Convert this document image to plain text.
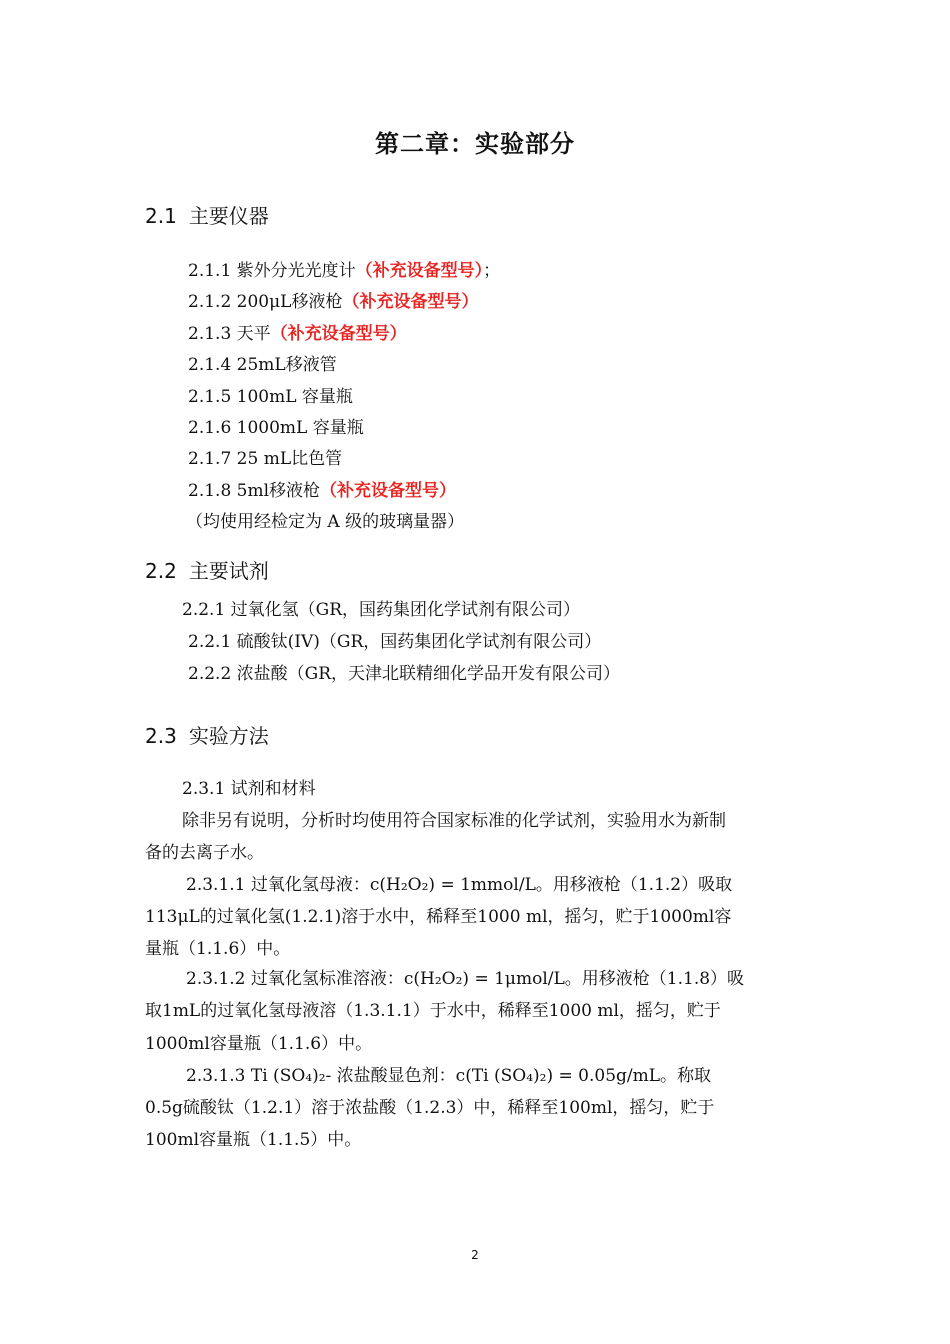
第二章：实验部分
2.1 主要仪器
2.1.1 紫外分光光度计（补充设备型号）；
2.1.2 200μL移液枪（补充设备型号）
2.1.3 天平（补充设备型号）
2.1.4 25mL移液管
2.1.5 100mL 容量瓶
2.1.6 1000mL 容量瓶
2.1.7 25 mL比色管
2.1.8 5ml移液枪（补充设备型号）
（均使用经检定为 A 级的玻璃量器）
2.2 主要试剂
2.2.1 过氧化氢（GR，国药集团化学试剂有限公司）
2.2.1 硫酸钛(IV)（GR，国药集团化学试剂有限公司）
2.2.2 浓盐酸（GR，天津北联精细化学品开发有限公司）
2.3 实验方法
2.3.1 试剂和材料
除非另有说明，分析时均使用符合国家标准的化学试剂，实验用水为新制
备的去离子水。
2.3.1.1 过氧化氢母液：c(H₂O₂) = 1mmol/L。用移液枪（1.1.2）吸取
113μL的过氧化氢(1.2.1)溶于水中，稀释至1000 ml，摇匀，贮于1000ml容
量瓶（1.1.6）中。
2.3.1.2 过氧化氢标准溶液：c(H₂O₂) = 1μmol/L。用移液枪（1.1.8）吸
取1mL的过氧化氢母液溶（1.3.1.1）于水中，稀释至1000 ml，摇匀，贮于
1000ml容量瓶（1.1.6）中。
2.3.1.3 Ti (SO₄)₂- 浓盐酸显色剂：c(Ti (SO₄)₂) = 0.05g/mL。称取
0.5g硫酸钛（1.2.1）溶于浓盐酸（1.2.3）中，稀释至100ml，摇匀，贮于
100ml容量瓶（1.1.5）中。
2
